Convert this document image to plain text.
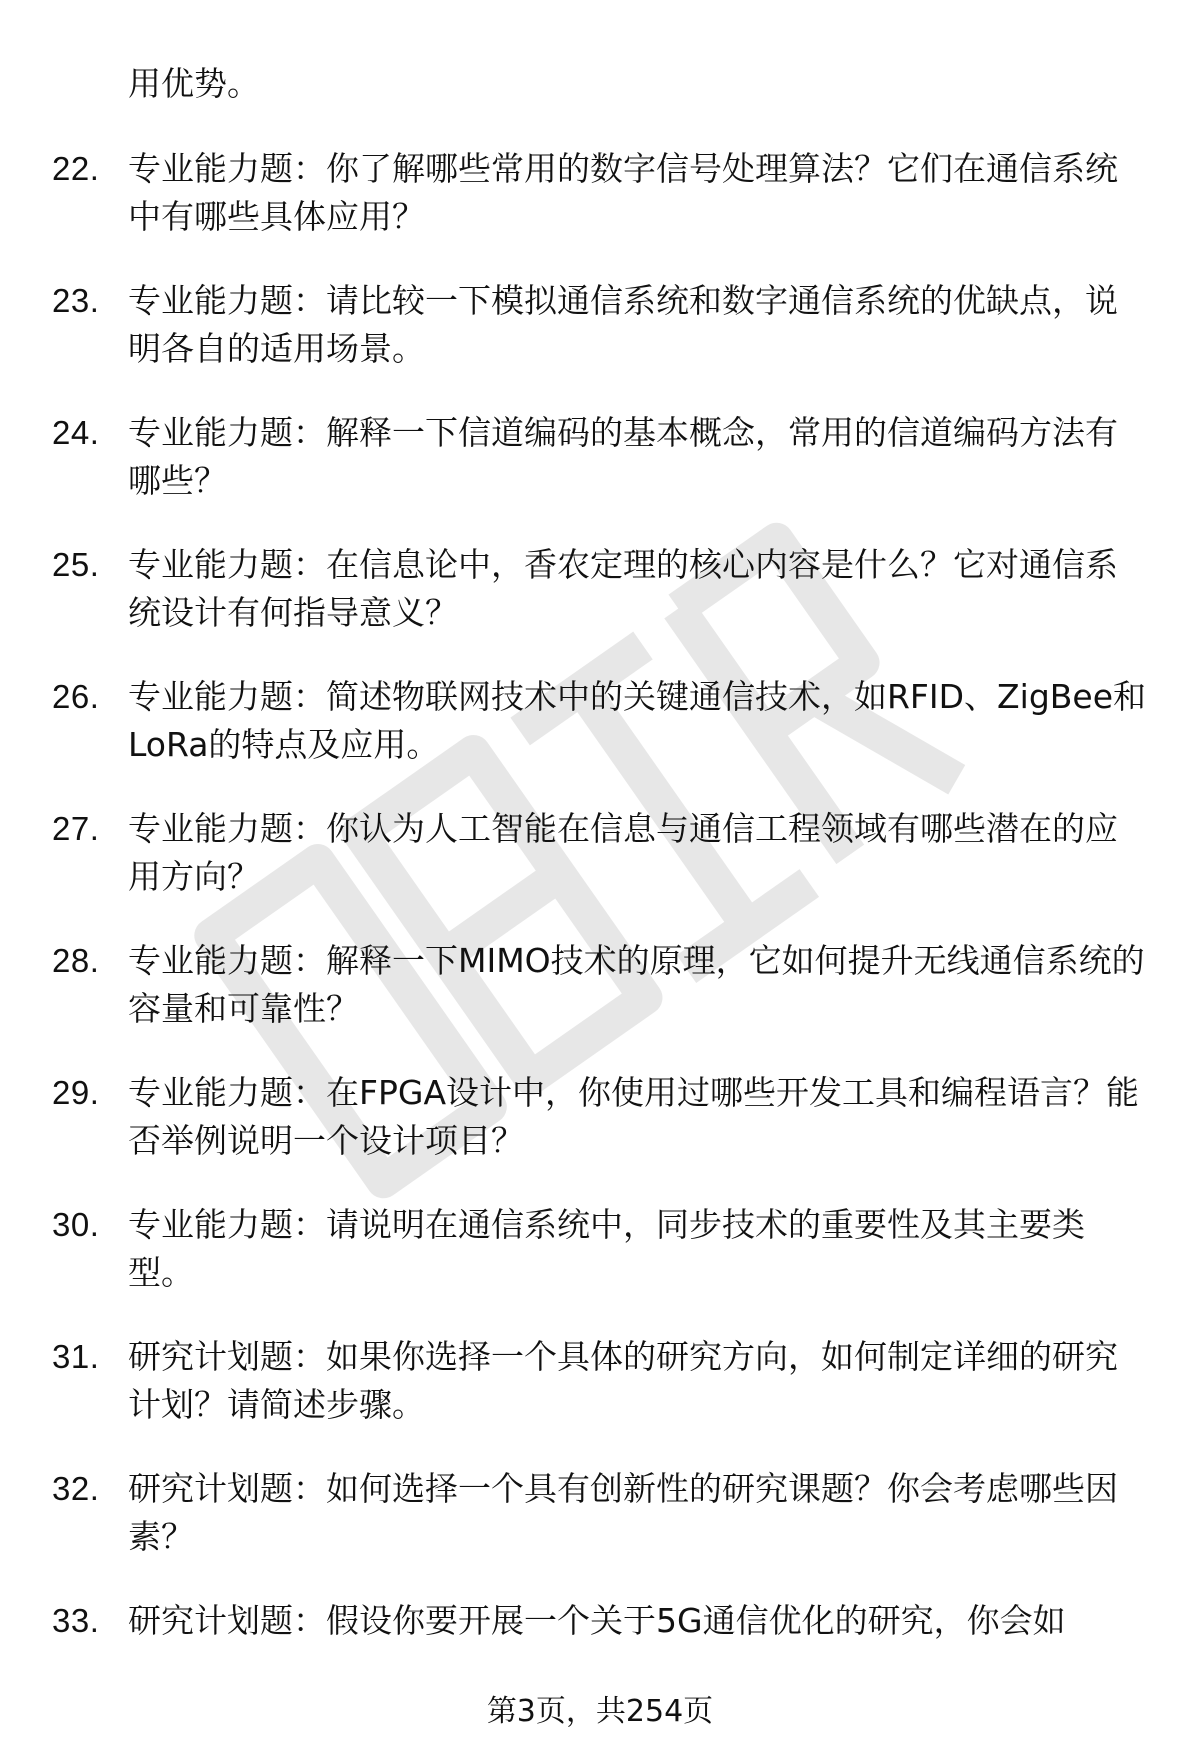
用优势。
22. 专业能力题：你了解哪些常用的数字信号处理算法？它们在通信系统中有哪些具体应用？
23. 专业能力题：请比较一下模拟通信系统和数字通信系统的优缺点，说明各自的适用场景。
24. 专业能力题：解释一下信道编码的基本概念，常用的信道编码方法有哪些？
25. 专业能力题：在信息论中，香农定理的核心内容是什么？它对通信系统设计有何指导意义？
26. 专业能力题：简述物联网技术中的关键通信技术，如RFID、ZigBee和LoRa的特点及应用。
27. 专业能力题：你认为人工智能在信息与通信工程领域有哪些潜在的应用方向？
28. 专业能力题：解释一下MIMO技术的原理，它如何提升无线通信系统的容量和可靠性？
29. 专业能力题：在FPGA设计中，你使用过哪些开发工具和编程语言？能否举例说明一个设计项目？
30. 专业能力题：请说明在通信系统中，同步技术的重要性及其主要类型。
31. 研究计划题：如果你选择一个具体的研究方向，如何制定详细的研究计划？请简述步骤。
32. 研究计划题：如何选择一个具有创新性的研究课题？你会考虑哪些因素？
33. 研究计划题：假设你要开展一个关于5G通信优化的研究，你会如
第3页，共254页
